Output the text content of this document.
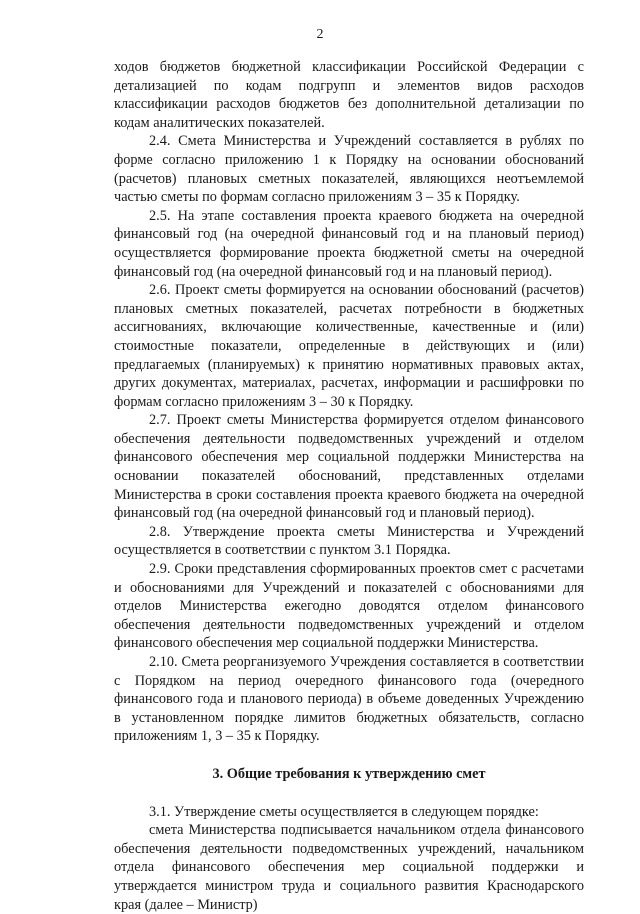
2

ходов бюджетов бюджетной классификации Российской Федерации с детализацией по кодам подгрупп и элементов видов расходов классификации расходов бюджетов без дополнительной детализации по кодам аналитических показателей.

2.4. Смета Министерства и Учреждений составляется в рублях по форме согласно приложению 1 к Порядку на основании обоснований (расчетов) плановых сметных показателей, являющихся неотъемлемой частью сметы по формам согласно приложениям 3 – 35 к Порядку.

2.5. На этапе составления проекта краевого бюджета на очередной финансовый год (на очередной финансовый год и на плановый период) осуществляется формирование проекта бюджетной сметы на очередной финансовый год (на очередной финансовый год и на плановый период).

2.6. Проект сметы формируется на основании обоснований (расчетов) плановых сметных показателей, расчетах потребности в бюджетных ассигнованиях, включающие количественные, качественные и (или) стоимостные показатели, определенные в действующих и (или) предлагаемых (планируемых) к принятию нормативных правовых актах, других документах, материалах, расчетах, информации и расшифровки по формам согласно приложениям 3 – 30 к Порядку.

2.7. Проект сметы Министерства формируется отделом финансового обеспечения деятельности подведомственных учреждений и отделом финансового обеспечения мер социальной поддержки Министерства на основании показателей обоснований, представленных отделами Министерства в сроки составления проекта краевого бюджета на очередной финансовый год (на очередной финансовый год и плановый период).

2.8. Утверждение проекта сметы Министерства и Учреждений осуществляется в соответствии с пунктом 3.1 Порядка.

2.9. Сроки представления сформированных проектов смет с расчетами и обоснованиями для Учреждений и показателей с обоснованиями для отделов Министерства ежегодно доводятся отделом финансового обеспечения деятельности подведомственных учреждений и отделом финансового обеспечения мер социальной поддержки Министерства.

2.10. Смета реорганизуемого Учреждения составляется в соответствии с Порядком на период очередного финансового года (очередного финансового года и планового периода) в объеме доведенных Учреждению в установленном порядке лимитов бюджетных обязательств, согласно приложениям 1, 3 – 35 к Порядку.

3. Общие требования к утверждению смет

3.1. Утверждение сметы осуществляется в следующем порядке:

смета Министерства подписывается начальником отдела финансового обеспечения деятельности подведомственных учреждений, начальником отдела финансового обеспечения мер социальной поддержки и утверждается министром труда и социального развития Краснодарского края (далее – Министр)
